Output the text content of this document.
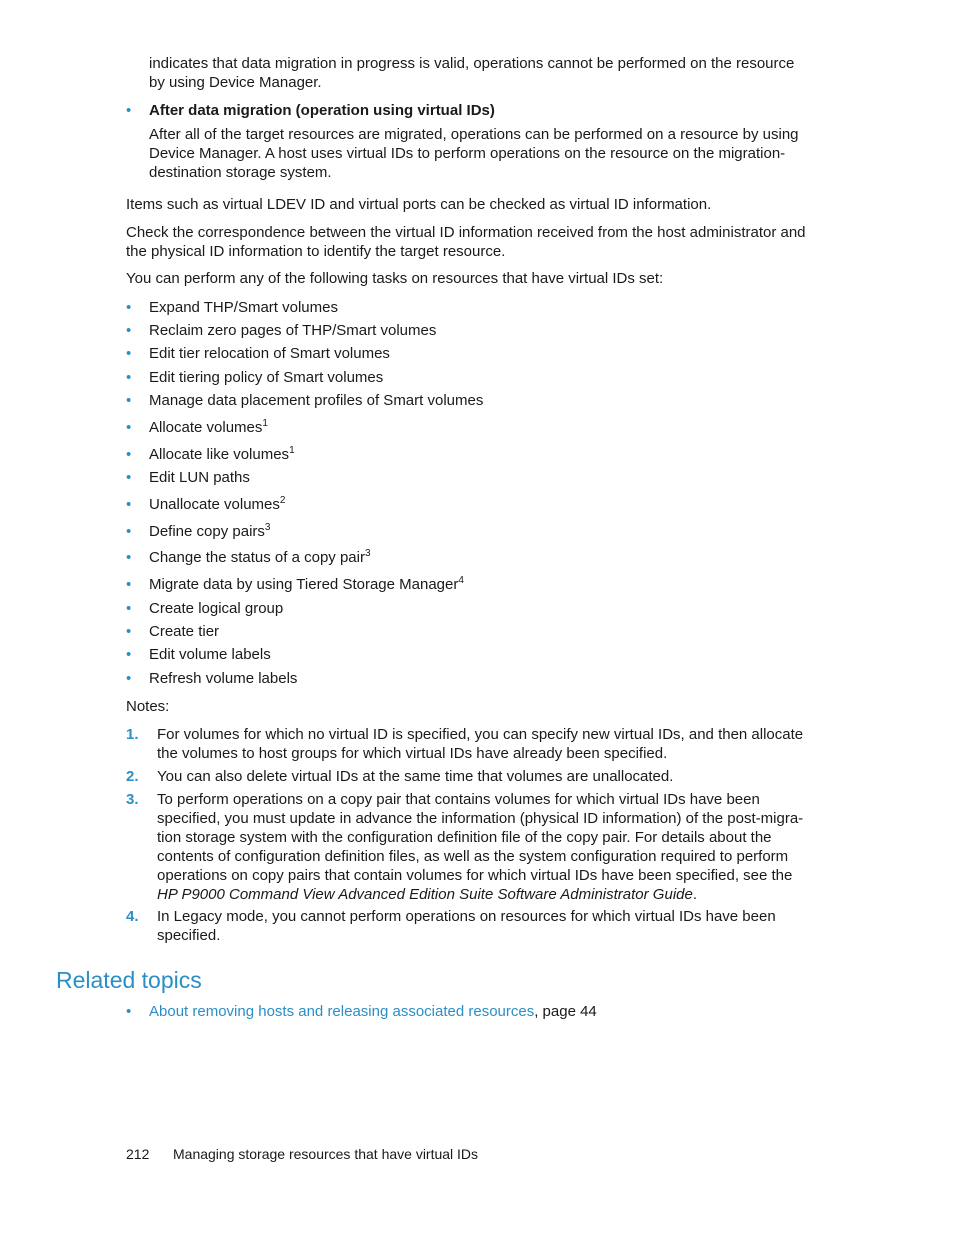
indicates that data migration in progress is valid, operations cannot be performed on the resource by using Device Manager.
• After data migration (operation using virtual IDs)
After all of the target resources are migrated, operations can be performed on a resource by using Device Manager. A host uses virtual IDs to perform operations on the resource on the migration-destination storage system.
Items such as virtual LDEV ID and virtual ports can be checked as virtual ID information.
Check the correspondence between the virtual ID information received from the host administrator and the physical ID information to identify the target resource.
You can perform any of the following tasks on resources that have virtual IDs set:
• Expand THP/Smart volumes
• Reclaim zero pages of THP/Smart volumes
• Edit tier relocation of Smart volumes
• Edit tiering policy of Smart volumes
• Manage data placement profiles of Smart volumes
• Allocate volumes$^1$
• Allocate like volumes$^1$
• Edit LUN paths
• Unallocate volumes$^2$
• Define copy pairs$^3$
• Change the status of a copy pair$^3$
• Migrate data by using Tiered Storage Manager$^4$
• Create logical group
• Create tier
• Edit volume labels
• Refresh volume labels
Notes:
1.	For volumes for which no virtual ID is specified, you can specify new virtual IDs, and then allocate the volumes to host groups for which virtual IDs have already been specified.
2.	You can also delete virtual IDs at the same time that volumes are unallocated.
3.	To perform operations on a copy pair that contains volumes for which virtual IDs have been specified, you must update in advance the information (physical ID information) of the post-migra-tion storage system with the configuration definition file of the copy pair. For details about the contents of configuration definition files, as well as the system configuration required to perform operations on copy pairs that contain volumes for which virtual IDs have been specified, see the HP P9000 Command View Advanced Edition Suite Software Administrator Guide.
4.	In Legacy mode, you cannot perform operations on resources for which virtual IDs have been specified.
Related topics
• About removing hosts and releasing associated resources, page 44
212 Managing storage resources that have virtual IDs
